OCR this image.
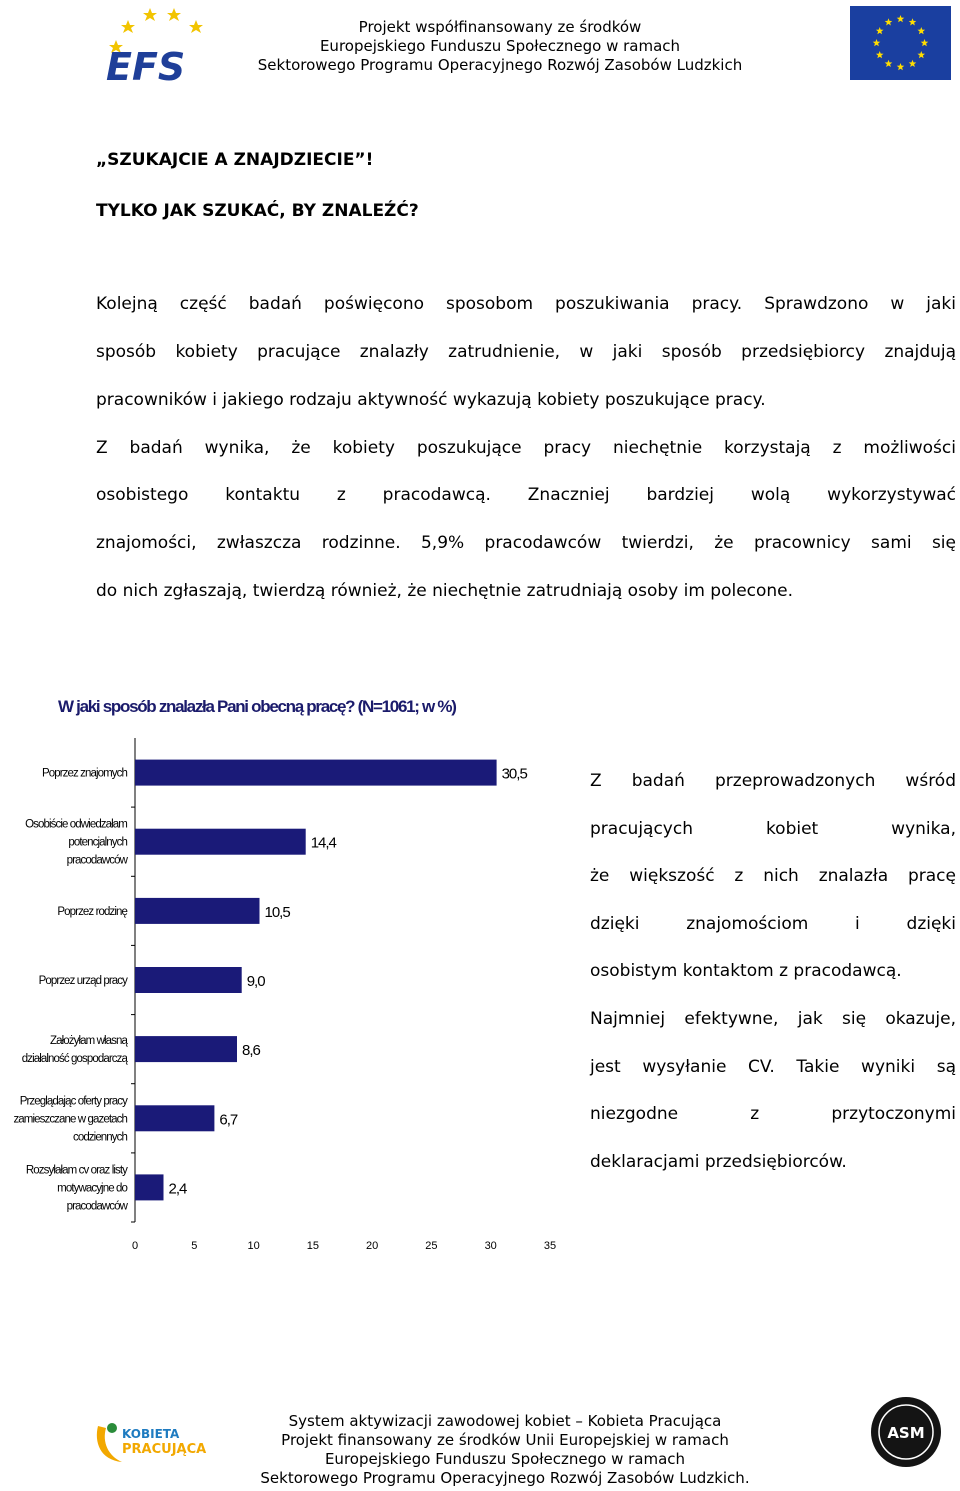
EFS
Projekt współfinansowany ze środków
Europejskiego Funduszu Społecznego w ramach
Sektorowego Programu Operacyjnego Rozwój Zasobów Ludzkich
„SZUKAJCIE A ZNAJDZIECIE”!
TYLKO JAK SZUKAĆ, BY ZNALEŹĆ?
Kolejną część badań poświęcono sposobom poszukiwania pracy. Sprawdzono w jaki
sposób kobiety pracujące znalazły zatrudnienie, w jaki sposób przedsiębiorcy znajdują
pracowników i jakiego rodzaju aktywność wykazują kobiety poszukujące pracy.
Z badań wynika, że kobiety poszukujące pracy niechętnie korzystają z możliwości
osobistego kontaktu z pracodawcą. Znaczniej bardziej wolą wykorzystywać
znajomości, zwłaszcza rodzinne. 5,9% pracodawców twierdzi, że pracownicy sami się
do nich zgłaszają, twierdzą również, że niechętnie zatrudniają osoby im polecone.
W jaki sposób znalazła Pani obecną pracę? (N=1061; w %)
30,5
Poprzez znajomych
14,4
Osobiście odwiedzałam
potencjalnych
pracodawców
10,5
Poprzez rodzinę
9,0
Poprzez urząd pracy
8,6
Założyłam własną
działalność gospodarczą
6,7
Przeglądając oferty pracy
zamieszczane w gazetach
codziennych
2,4
Rozsyłałam cv oraz listy
motywacyjne do
pracodawców
0	5	10	15	20	25	30	35
Z badań przeprowadzonych wśród
pracujących kobiet wynika,
że większość z nich znalazła pracę
dzięki znajomościom i dzięki
osobistym kontaktom z pracodawcą.
Najmniej efektywne, jak się okazuje,
jest wysyłanie CV. Takie wyniki są
niezgodne z przytoczonymi
deklaracjami przedsiębiorców.
KOBIETA
PRACUJĄCA
System aktywizacji zawodowej kobiet – Kobieta Pracująca
Projekt finansowany ze środków Unii Europejskiej w ramach
Europejskiego Funduszu Społecznego w ramach
Sektorowego Programu Operacyjnego Rozwój Zasobów Ludzkich.
ASM
